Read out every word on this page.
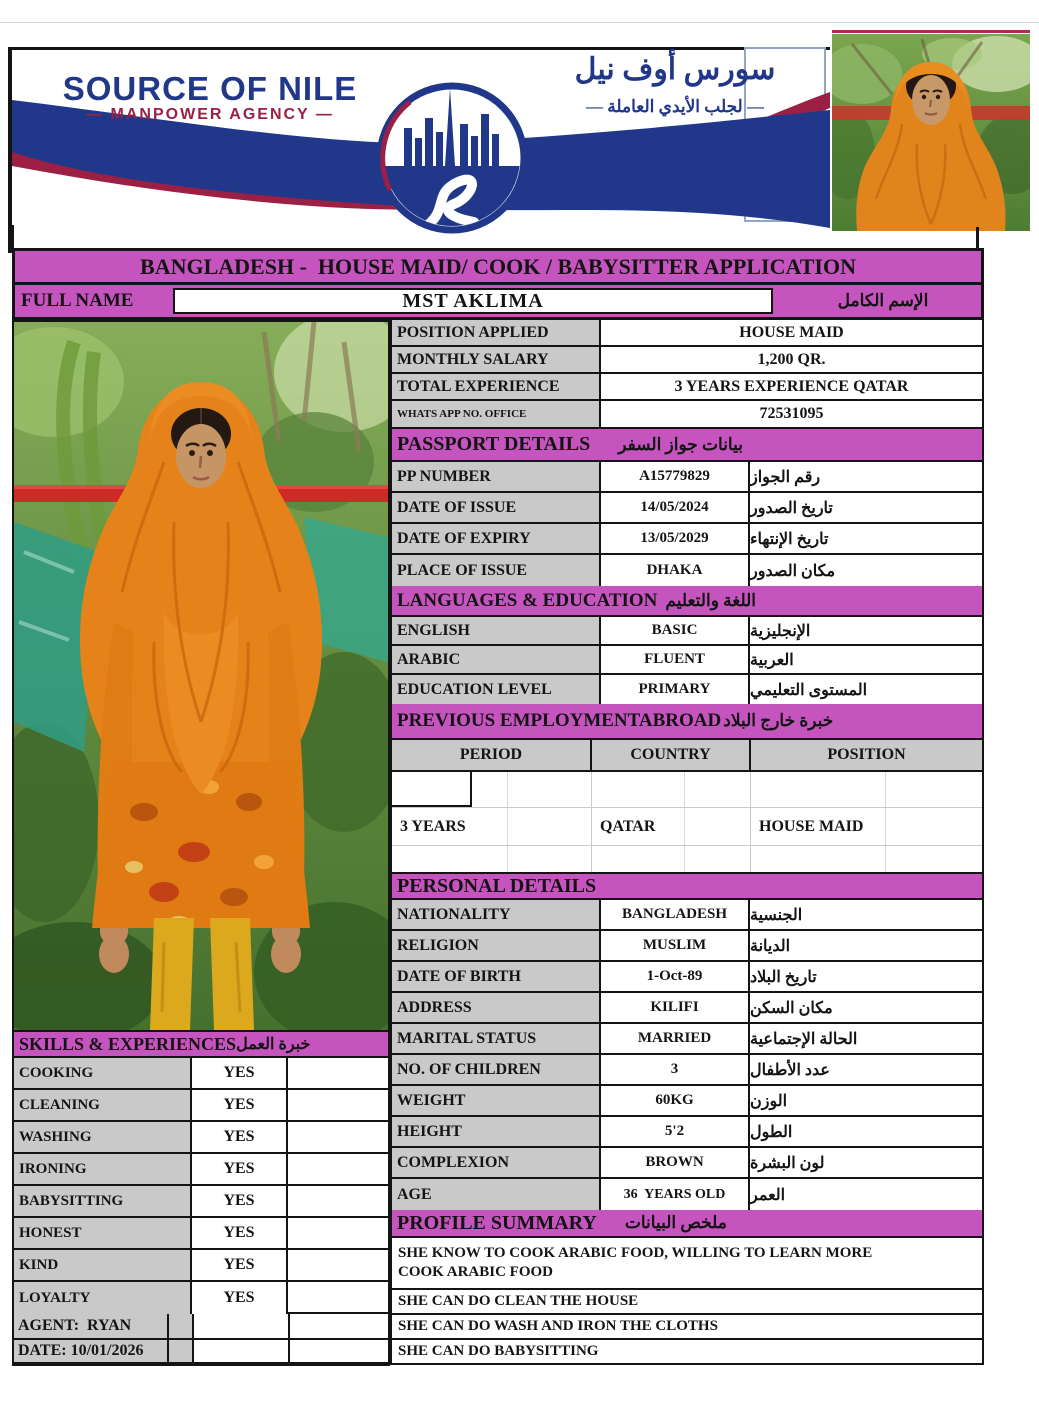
SOURCE OF NILE
— MANPOWER AGENCY —
سورس أوف نيل
— لجلب الأيدي العاملة —
BANGLADESH -  HOUSE MAID/ COOK / BABYSITTER APPLICATION
FULL NAME	MST AKLIMA	الإسم الكامل
POSITION APPLIED	HOUSE MAID
MONTHLY SALARY	1,200 QR.
TOTAL EXPERIENCE	3 YEARS EXPERIENCE QATAR
WHATS APP NO. OFFICE	72531095
PASSPORT DETAILS بيانات جواز السفر
PP NUMBER	A15779829	رقم الجواز
DATE OF ISSUE	14/05/2024	تاريخ الصدور
DATE OF EXPIRY	13/05/2029	تاريخ الإنتهاء
PLACE OF ISSUE	DHAKA	مكان الصدور
LANGUAGES & EDUCATION اللغة والتعليم
ENGLISH	BASIC	الإنجليزية
ARABIC	FLUENT	العربية
EDUCATION LEVEL	PRIMARY	المستوى التعليمي
PREVIOUS EMPLOYMENTABROAD خبرة خارج البلاد
PERIOD	COUNTRY	POSITION
3 YEARS	QATAR	HOUSE MAID
PERSONAL DETAILS
NATIONALITY	BANGLADESH	الجنسية
RELIGION	MUSLIM	الديانة
DATE OF BIRTH	1-Oct-89	تاريخ البلاد
ADDRESS	KILIFI	مكان السكن
MARITAL STATUS	MARRIED	الحالة الإجتماعية
NO. OF CHILDREN	3	عدد الأطفال
WEIGHT	60KG	الوزن
HEIGHT	5'2	الطول
COMPLEXION	BROWN	لون البشرة
AGE	36  YEARS OLD	العمر
PROFILE SUMMARY ملخص البيانات
SHE KNOW TO COOK ARABIC FOOD, WILLING TO LEARN MORE COOK ARABIC FOOD
SHE CAN DO CLEAN THE HOUSE
SHE CAN DO WASH AND IRON THE CLOTHS
SHE CAN DO BABYSITTING
SKILLS & EXPERIENCES خبرة العمل
COOKING	YES
CLEANING	YES
WASHING	YES
IRONING	YES
BABYSITTING	YES
HONEST	YES
KIND	YES
LOYALTY	YES
AGENT:  RYAN
DATE: 10/01/2026
